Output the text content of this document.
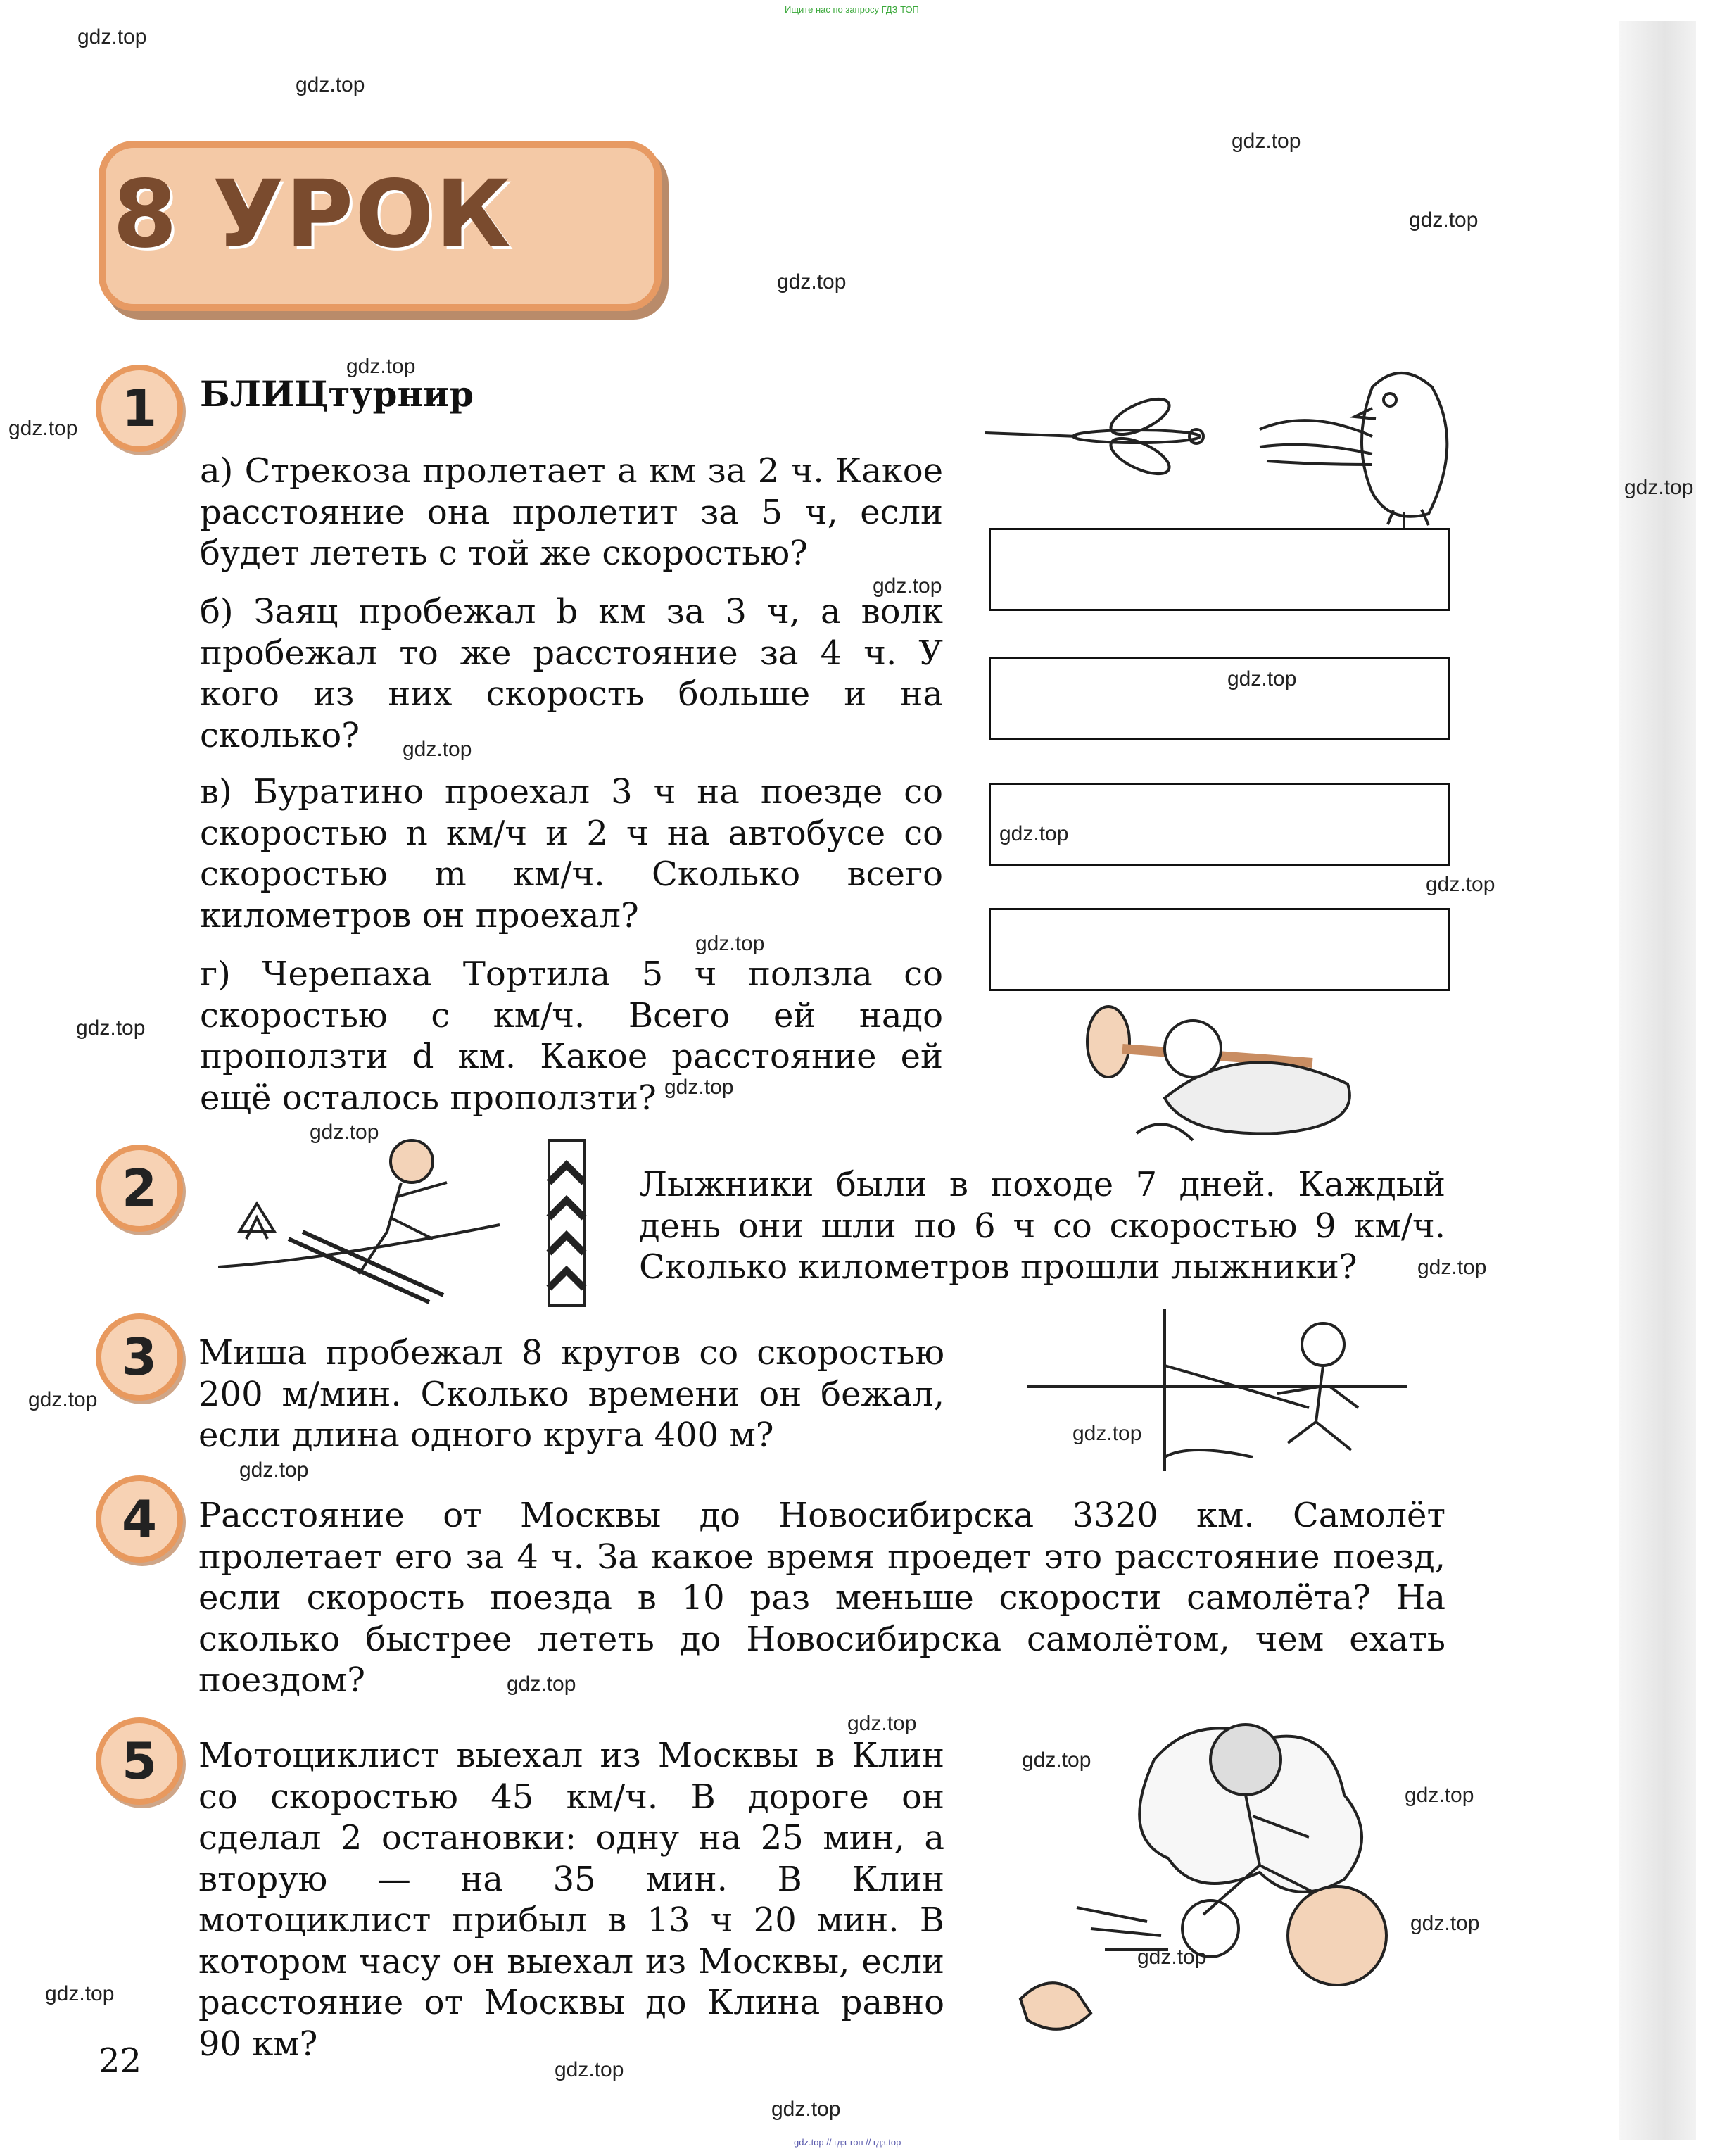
Ищите нас по запросу ГДЗ ТОП
8 УРОК
1	БЛИЦтурнир
а) Стрекоза пролетает a км за 2 ч. Какое расстояние она пролетит за 5 ч, если будет лететь с той же скоростью?
б) Заяц пробежал b км за 3 ч, а волк пробежал то же расстояние за 4 ч. У кого из них скорость больше и на сколько?
в) Буратино проехал 3 ч на поезде со скоростью n км/ч и 2 ч на автобусе со скоростью m км/ч. Сколько всего километров он проехал?
г) Черепаха Тортила 5 ч ползла со скоростью c км/ч. Всего ей надо проползти d км. Какое расстояние ей ещё осталось проползти?
2	Лыжники были в походе 7 дней. Каждый день они шли по 6 ч со скоростью 9 км/ч. Сколько километров прошли лыжники?
3	Миша пробежал 8 кругов со скоростью 200 м/мин. Сколько времени он бежал, если длина одного круга 400 м?
4	Расстояние от Москвы до Новосибирска 3320 км. Самолёт пролетает его за 4 ч. За какое время проедет это расстояние поезд, если скорость поезда в 10 раз меньше скорости самолёта? На сколько быстрее лететь до Новосибирска самолётом, чем ехать поездом?
5	Мотоциклист выехал из Москвы в Клин со скоростью 45 км/ч. В дороге он сделал 2 остановки: одну на 25 мин, а вторую — на 35 мин. В Клин мотоциклист прибыл в 13 ч 20 мин. В котором часу он выехал из Москвы, если расстояние от Москвы до Клина равно 90 км?
22
gdz.top
gdz.top
gdz.top
gdz.top
gdz.top
gdz.top
gdz.top
gdz.top
gdz.top
gdz.top
gdz.top
gdz.top
gdz.top
gdz.top
gdz.top
gdz.top
gdz.top
gdz.top
gdz.top
gdz.top
gdz.top
gdz.top
gdz.top
gdz.top
gdz.top
gdz.top
gdz.top
gdz.top
gdz.top
gdz.top
gdz.top // гдз топ // гдз.top
